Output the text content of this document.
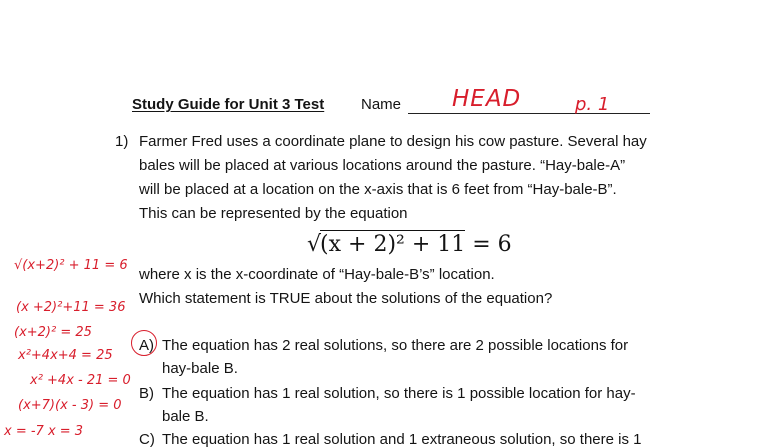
Study Guide for Unit 3 Test Name HEAD	p. 1
1) Farmer Fred uses a coordinate plane to design his cow pasture. Several hay
bales will be placed at various locations around the pasture. “Hay-bale-A”
will be placed at a location on the x-axis that is 6 feet from “Hay-bale-B”.
This can be represented by the equation
√(x + 2)² + 11 = 6
where x is the x-coordinate of “Hay-bale-B’s” location.
Which statement is TRUE about the solutions of the equation?
A) The equation has 2 real solutions, so there are 2 possible locations for
hay-bale B.
B) The equation has 1 real solution, so there is 1 possible location for hay-
bale B.
C) The equation has 1 real solution and 1 extraneous solution, so there is 1
√(x+2)² + 11 = 6
(x +2)²+11 = 36
(x+2)² = 25
x²+4x+4 = 25
x² +4x - 21 = 0
(x+7)(x - 3) = 0
x = -7 x = 3
